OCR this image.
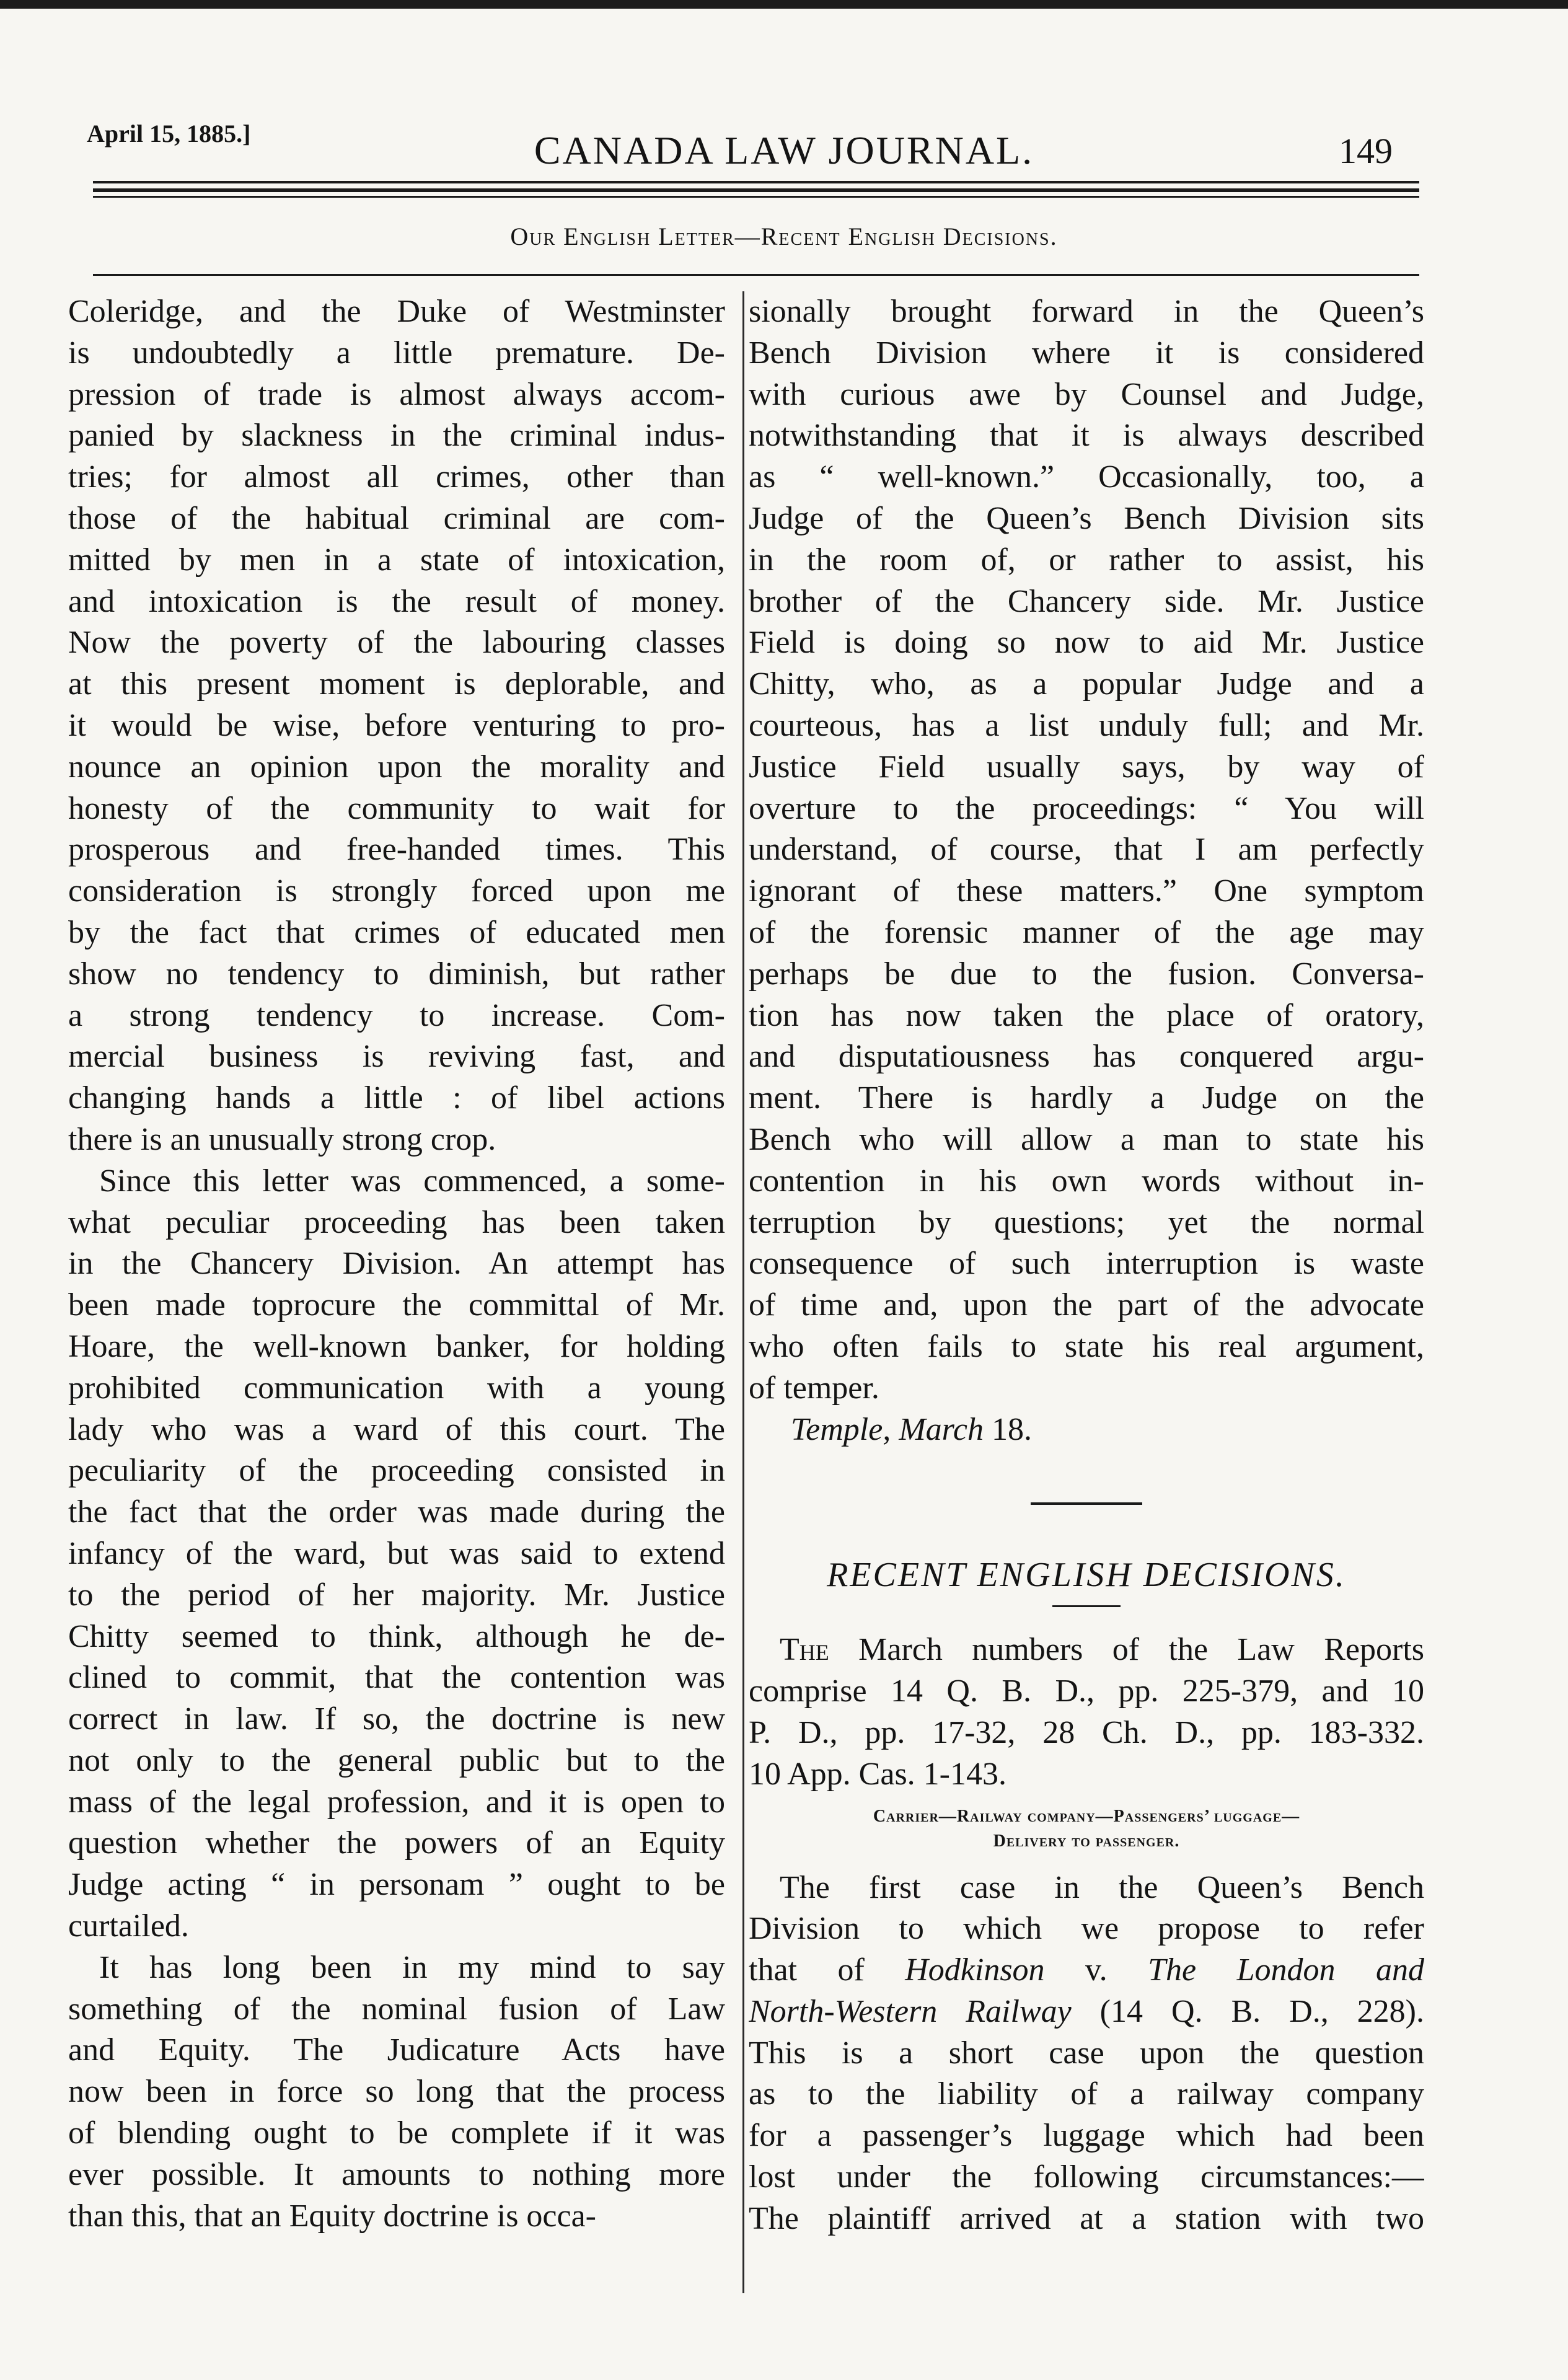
April 15, 1885.]	CANADA LAW JOURNAL.	149
Our English Letter—Recent English Decisions.
Coleridge, and the Duke of Westminster
is undoubtedly a little premature. De-
pression of trade is almost always accom-
panied by slackness in the criminal indus-
tries; for almost all crimes, other than
those of the habitual criminal are com-
mitted by men in a state of intoxication,
and intoxication is the result of money.
Now the poverty of the labouring classes
at this present moment is deplorable, and
it would be wise, before venturing to pro-
nounce an opinion upon the morality and
honesty of the community to wait for
prosperous and free-handed times. This
consideration is strongly forced upon me
by the fact that crimes of educated men
show no tendency to diminish, but rather
a strong tendency to increase. Com-
mercial business is reviving fast, and
changing hands a little : of libel actions
there is an unusually strong crop.
Since this letter was commenced, a some-
what peculiar proceeding has been taken
in the Chancery Division. An attempt has
been made toprocure the committal of Mr.
Hoare, the well-known banker, for holding
prohibited communication with a young
lady who was a ward of this court. The
peculiarity of the proceeding consisted in
the fact that the order was made during the
infancy of the ward, but was said to extend
to the period of her majority. Mr. Justice
Chitty seemed to think, although he de-
clined to commit, that the contention was
correct in law. If so, the doctrine is new
not only to the general public but to the
mass of the legal profession, and it is open to
question whether the powers of an Equity
Judge acting “ in personam ” ought to be
curtailed.
It has long been in my mind to say
something of the nominal fusion of Law
and Equity. The Judicature Acts have
now been in force so long that the process
of blending ought to be complete if it was
ever possible. It amounts to nothing more
than this, that an Equity doctrine is occa-
sionally brought forward in the Queen’s
Bench Division where it is considered
with curious awe by Counsel and Judge,
notwithstanding that it is always described
as “ well-known.” Occasionally, too, a
Judge of the Queen’s Bench Division sits
in the room of, or rather to assist, his
brother of the Chancery side. Mr. Justice
Field is doing so now to aid Mr. Justice
Chitty, who, as a popular Judge and a
courteous, has a list unduly full; and Mr.
Justice Field usually says, by way of
overture to the proceedings: “ You will
understand, of course, that I am perfectly
ignorant of these matters.” One symptom
of the forensic manner of the age may
perhaps be due to the fusion. Conversa-
tion has now taken the place of oratory,
and disputatiousness has conquered argu-
ment. There is hardly a Judge on the
Bench who will allow a man to state his
contention in his own words without in-
terruption by questions; yet the normal
consequence of such interruption is waste
of time and, upon the part of the advocate
who often fails to state his real argument,
of temper.
Temple, March 18.
RECENT ENGLISH DECISIONS.
The March numbers of the Law Reports
comprise 14 Q. B. D., pp. 225-379, and 10
P. D., pp. 17-32, 28 Ch. D., pp. 183-332.
10 App. Cas. 1-143.
Carrier—Railway company—Passengers’ luggage—
Delivery to passenger.
The first case in the Queen’s Bench
Division to which we propose to refer
that of Hodkinson v. The London and
North-Western Railway (14 Q. B. D., 228).
This is a short case upon the question
as to the liability of a railway company
for a passenger’s luggage which had been
lost under the following circumstances:—
The plaintiff arrived at a station with two
